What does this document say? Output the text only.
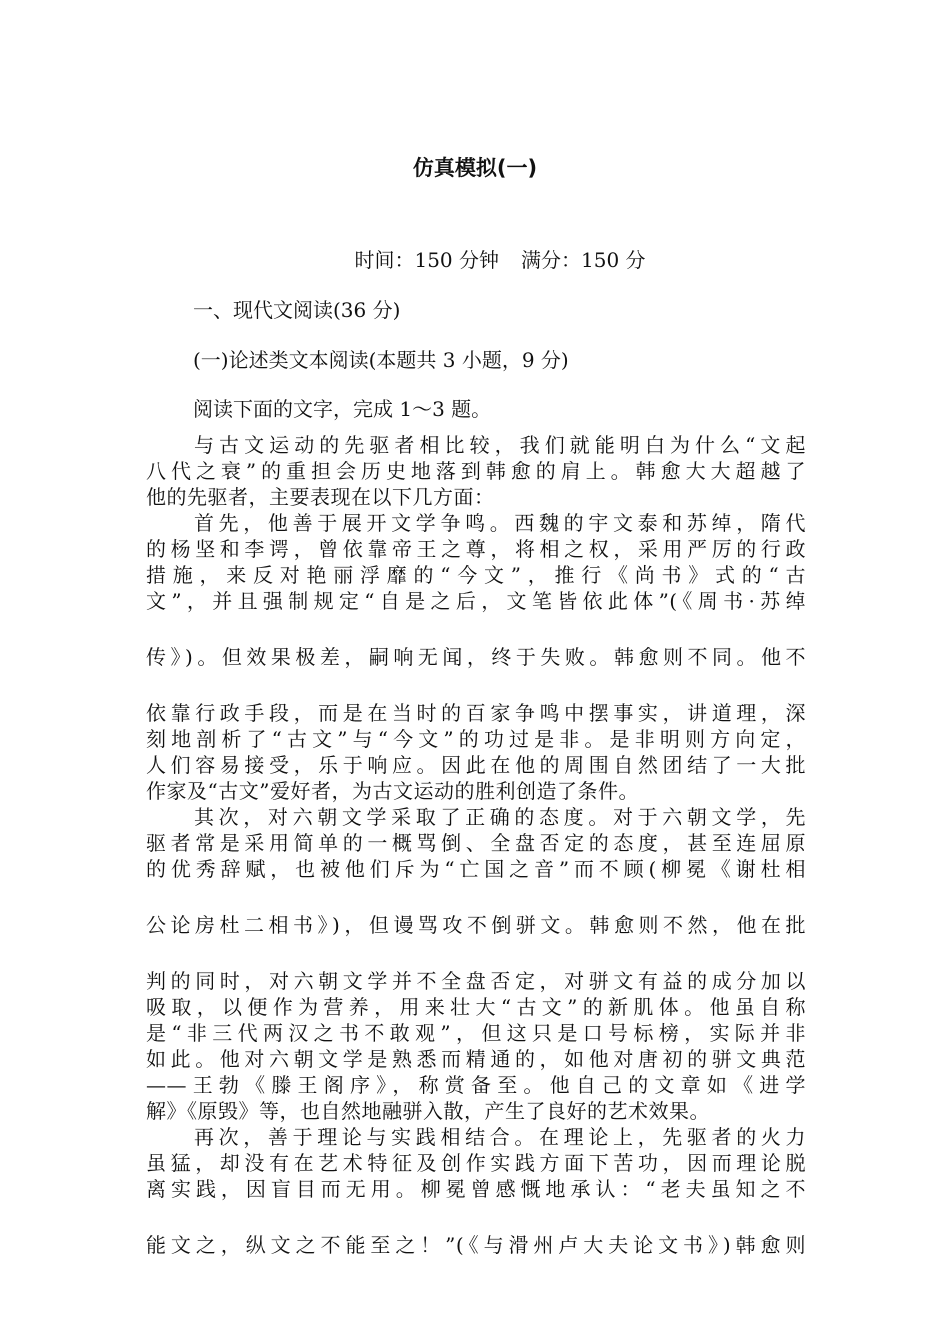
仿真模拟(一)
时间：150 分钟 满分：150 分
一、现代文阅读(36 分)
(一)论述类文本阅读(本题共 3 小题，9 分)
阅读下面的文字，完成 1～3 题。
与古文运动的先驱者相比较，我们就能明白为什么“文起
八代之衰”的重担会历史地落到韩愈的肩上。韩愈大大超越了
他的先驱者，主要表现在以下几方面：
首先，他善于展开文学争鸣。西魏的宇文泰和苏绰，隋代
的杨坚和李谔，曾依靠帝王之尊，将相之权，采用严厉的行政
措施，来反对艳丽浮靡的“今文”，推行《尚书》式的“古
文”，并且强制规定“自是之后，文笔皆依此体”(《周书·苏绰
传》)。但效果极差，嗣响无闻，终于失败。韩愈则不同。他不
依靠行政手段，而是在当时的百家争鸣中摆事实，讲道理，深
刻地剖析了“古文”与“今文”的功过是非。是非明则方向定，
人们容易接受，乐于响应。因此在他的周围自然团结了一大批
作家及“古文”爱好者，为古文运动的胜利创造了条件。
其次，对六朝文学采取了正确的态度。对于六朝文学，先
驱者常是采用简单的一概骂倒、全盘否定的态度，甚至连屈原
的优秀辞赋，也被他们斥为“亡国之音”而不顾(柳冕《谢杜相
公论房杜二相书》)，但谩骂攻不倒骈文。韩愈则不然，他在批
判的同时，对六朝文学并不全盘否定，对骈文有益的成分加以
吸取，以便作为营养，用来壮大“古文”的新肌体。他虽自称
是“非三代两汉之书不敢观”，但这只是口号标榜，实际并非
如此。他对六朝文学是熟悉而精通的，如他对唐初的骈文典范
——王勃《滕王阁序》，称赏备至。他自己的文章如《进学
解》《原毁》等，也自然地融骈入散，产生了良好的艺术效果。
再次，善于理论与实践相结合。在理论上，先驱者的火力
虽猛，却没有在艺术特征及创作实践方面下苦功，因而理论脱
离实践，因盲目而无用。柳冕曾感慨地承认：“老夫虽知之不
能文之，纵文之不能至之！”(《与滑州卢大夫论文书》)韩愈则
